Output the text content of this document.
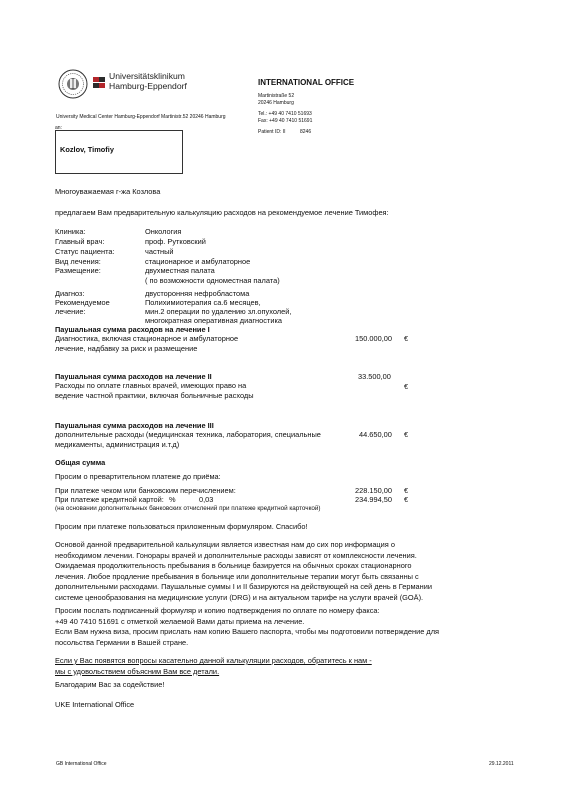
Universitätsklinikum
Hamburg-Eppendorf
University Medical Center Hamburg-Eppendorf Martinistr.52 20246 Hamburg
an:
Kozlov, Timofiy
INTERNATIONAL OFFICE
Martinistraße 52
20246 Hamburg
Tel.: +49 40 7410 51693
Fax: +49 40 7410 51691
Patient ID: II	8246
Многоуважаемая г-жа Козлова
предлагаем Вам предварительную калькуляцию расходов на рекомендуемое лечение Тимофея:
Клиника:	Онкология
Главный врач:	проф. Рутковский
Статус пациента:	частный
Вид лечения:	стационарное и амбулаторное
Размещение:	двухместная палата
( по возможности одноместная палата)
Диагноз:	двусторонняя нефробластома
Рекомендуемое
лечение:
Полихимиотерапия са.6 месяцев,
мин.2 операции по удалению зл.опухолей,
многократная оперативная диагностика
Паушальная сумма расходов на лечение I
Диагностика, включая стационарное и амбулаторное
лечение, надбавку за риск и размещение
150.000,00 €
Паушальная сумма расходов на лечение II
Расходы по оплате главных врачей, имеющих право на
ведение частной практики, включая больничные расходы
33.500,00
€
Паушальная сумма расходов на лечение III
дополнительные расходы (медицинская техника, лаборатория, специальные
медикаменты, администрация и.т.д)
44.650,00 €
Общая сумма
Просим о превартительном платеже до приёма:
При платеже чеком или банковским перечислением:	228.150,00 €
При платеже кредитной картой: %	0,03	234.994,50 €
(на основании дополнительных банковских отчислений при платеже кредитной карточкой)
Просим при платеже пользоваться приложенным формуляром. Спасибо!
Основой данной предварительной калькуляции является известная нам до сих пор информация о
необходимом лечении. Гонорары врачей и дополнительные расходы зависят от комплексности лечения.
Ожидаемая продолжительность пребывания в больнице базируется на обычных сроках стационарного
лечения. Любое продление пребывания в больнице или дополнительные терапии могут быть связанны с
дополнительными расходами. Паушальные суммы I и II базируются на действующей на сей день в Германии
системе ценообразования на медицинские услуги (DRG) и на актуальном тарифе на услуги врачей (GOÄ).
Просим послать подписанный формуляр и копию подтверждения по оплате по номеру факса:
+49 40 7410 51691 с отметкой желаемой Вами даты приема на лечение.
Если Вам нужна виза, просим прислать нам копию Вашего паспорта, чтобы мы подготовили потверждение для
посольства Германии в Вашей стране.
Если у Вас появятся вопросы касательно данной калькуляции расходов, обратитесь к нам -
мы с удовольствием объясним Вам все детали.
Благодарим Вас за содействие!
UKE International Office
GB International Office	29.12.2011
